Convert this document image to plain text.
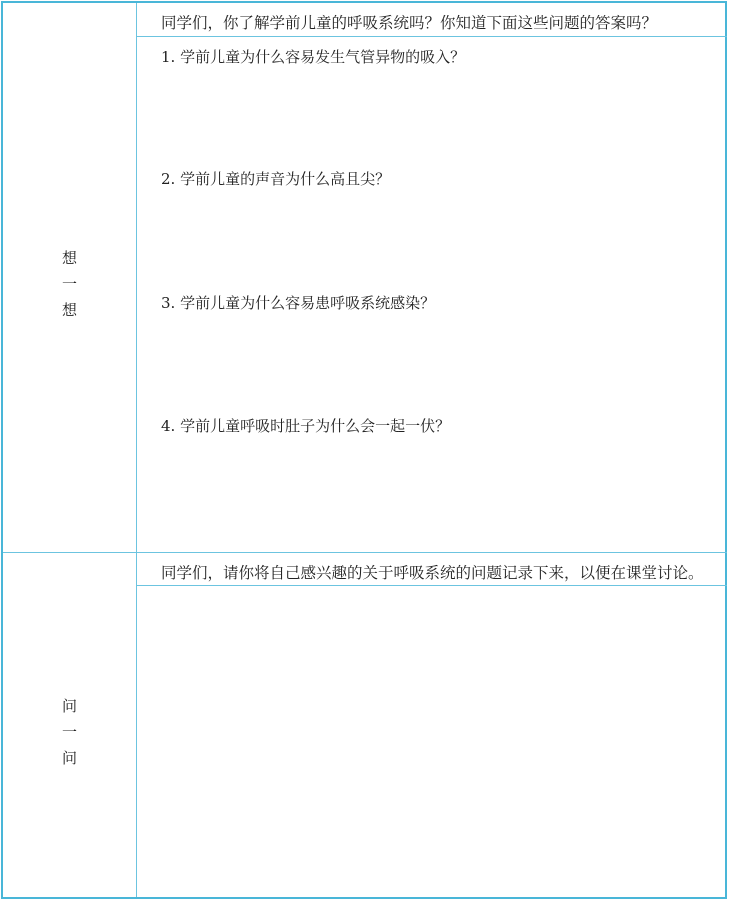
想
一
想
同学们，你了解学前儿童的呼吸系统吗？你知道下面这些问题的答案吗？
1. 学前儿童为什么容易发生气管异物的吸入？
2. 学前儿童的声音为什么高且尖？
3. 学前儿童为什么容易患呼吸系统感染？
4. 学前儿童呼吸时肚子为什么会一起一伏？
同学们，请你将自己感兴趣的关于呼吸系统的问题记录下来，以便在课堂讨论。
问
一
问
